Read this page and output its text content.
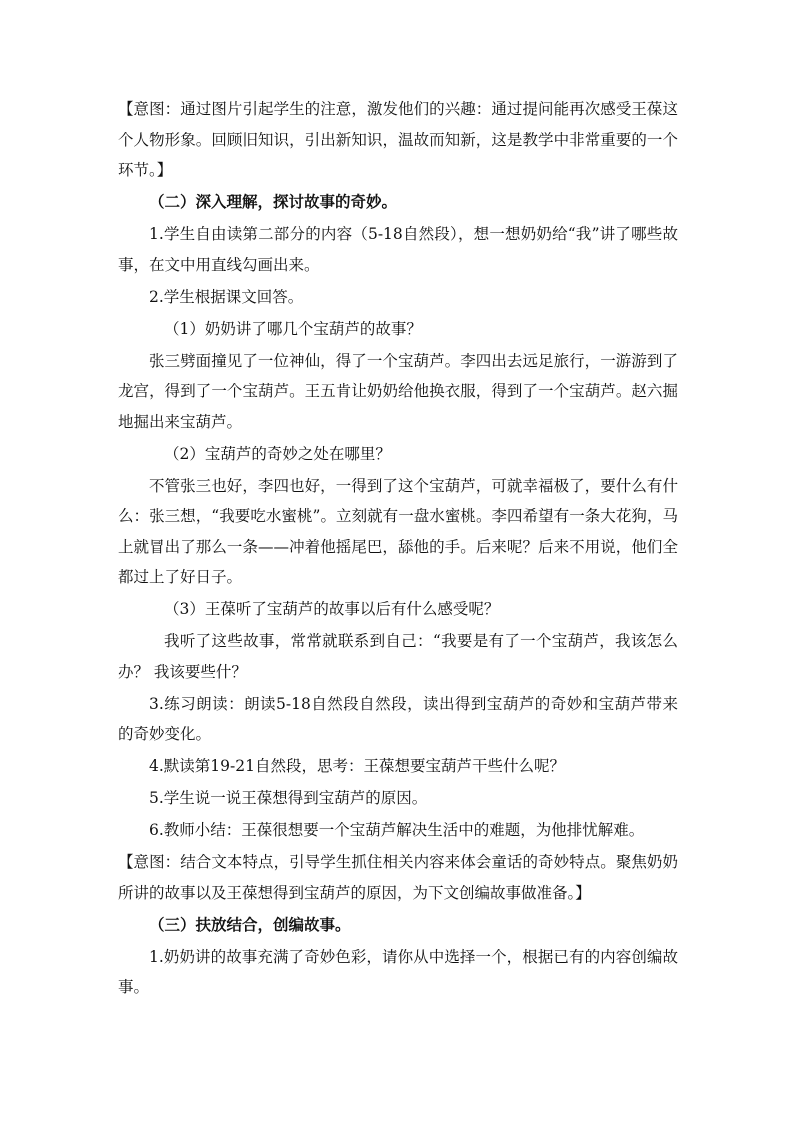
【意图：通过图片引起学生的注意，激发他们的兴趣：通过提问能再次感受王葆这个人物形象。回顾旧知识，引出新知识，温故而知新，这是教学中非常重要的一个环节。】

（二）深入理解，探讨故事的奇妙。

1.学生自由读第二部分的内容（5-18自然段），想一想奶奶给“我”讲了哪些故事，在文中用直线勾画出来。

2.学生根据课文回答。

（1）奶奶讲了哪几个宝葫芦的故事？

张三劈面撞见了一位神仙，得了一个宝葫芦。李四出去远足旅行，一游游到了龙宫，得到了一个宝葫芦。王五肯让奶奶给他换衣服，得到了一个宝葫芦。赵六掘地掘出来宝葫芦。

（2）宝葫芦的奇妙之处在哪里？

不管张三也好，李四也好，一得到了这个宝葫芦，可就幸福极了，要什么有什么：张三想，“我要吃水蜜桃”。立刻就有一盘水蜜桃。李四希望有一条大花狗，马上就冒出了那么一条——冲着他摇尾巴，舔他的手。后来呢？后来不用说，他们全都过上了好日子。

（3）王葆听了宝葫芦的故事以后有什么感受呢？

我听了这些故事，常常就联系到自己：“我要是有了一个宝葫芦，我该怎么办？ 我该要些什？

3.练习朗读：朗读5-18自然段自然段，读出得到宝葫芦的奇妙和宝葫芦带来的奇妙变化。

4.默读第19-21自然段，思考：王葆想要宝葫芦干些什么呢？

5.学生说一说王葆想得到宝葫芦的原因。

6.教师小结：王葆很想要一个宝葫芦解决生活中的难题，为他排忧解难。

【意图：结合文本特点，引导学生抓住相关内容来体会童话的奇妙特点。聚焦奶奶所讲的故事以及王葆想得到宝葫芦的原因，为下文创编故事做准备。】

（三）扶放结合，创编故事。

1.奶奶讲的故事充满了奇妙色彩，请你从中选择一个，根据已有的内容创编故事。
